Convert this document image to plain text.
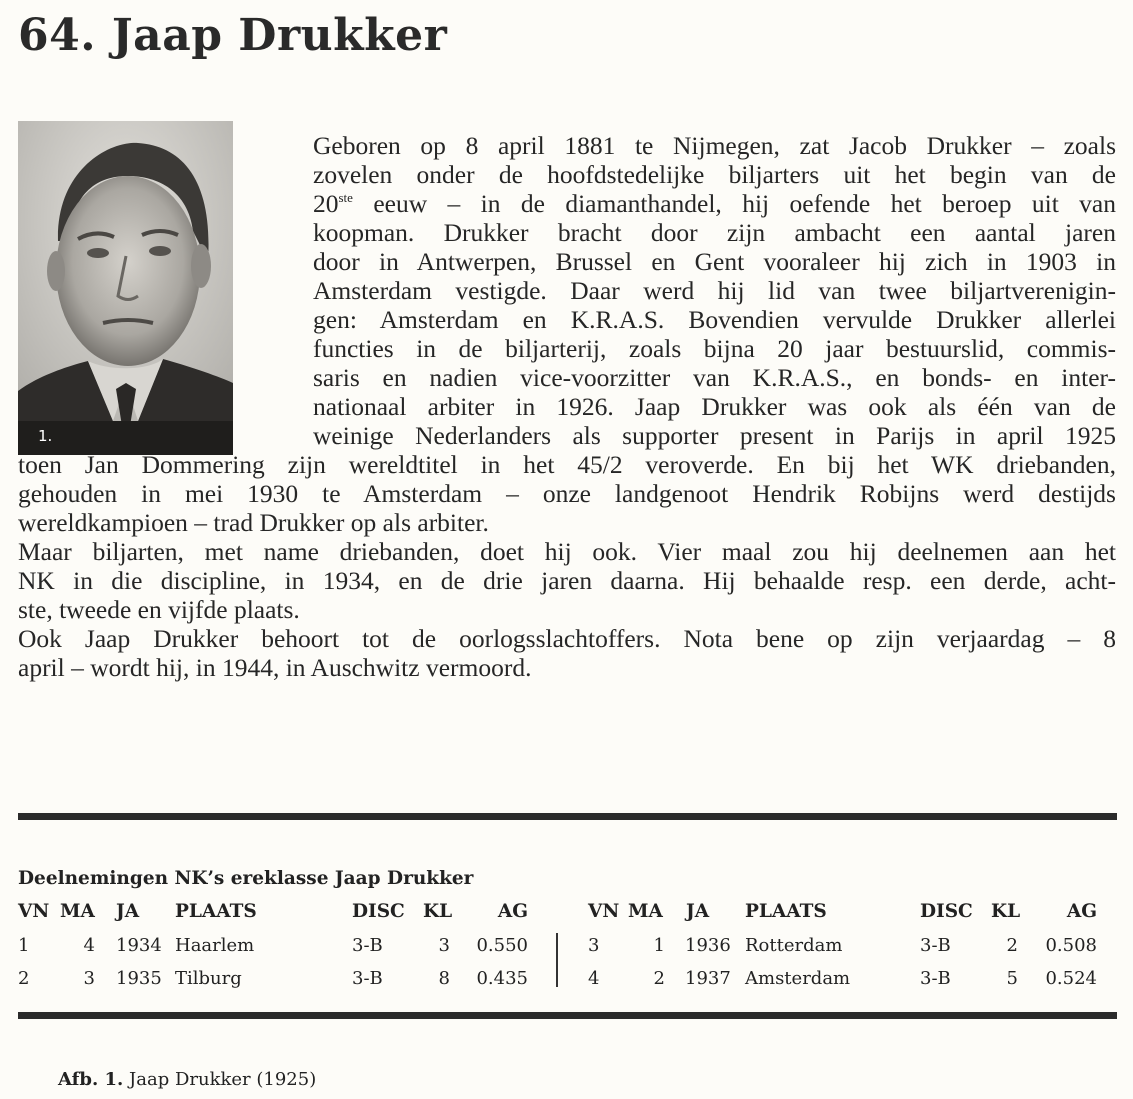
64. Jaap Drukker
1.
Geboren op 8 april 1881 te Nijmegen, zat Jacob Drukker – zoals
zovelen onder de hoofdstedelijke biljarters uit het begin van de
20ste eeuw – in de diamanthandel, hij oefende het beroep uit van
koopman. Drukker bracht door zijn ambacht een aantal jaren
door in Antwerpen, Brussel en Gent vooraleer hij zich in 1903 in
Amsterdam vestigde. Daar werd hij lid van twee biljartverenigin-
gen: Amsterdam en K.R.A.S. Bovendien vervulde Drukker allerlei
functies in de biljarterij, zoals bijna 20 jaar bestuurslid, commis-
saris en nadien vice-voorzitter van K.R.A.S., en bonds- en inter-
nationaal arbiter in 1926. Jaap Drukker was ook als één van de
weinige Nederlanders als supporter present in Parijs in april 1925
toen Jan Dommering zijn wereldtitel in het 45/2 veroverde. En bij het WK driebanden,
gehouden in mei 1930 te Amsterdam – onze landgenoot Hendrik Robijns werd destijds
wereldkampioen – trad Drukker op als arbiter.
Maar biljarten, met name driebanden, doet hij ook. Vier maal zou hij deelnemen aan het
NK in die discipline, in 1934, en de drie jaren daarna. Hij behaalde resp. een derde, acht-
ste, tweede en vijfde plaats.
Ook Jaap Drukker behoort tot de oorlogsslachtoffers. Nota bene op zijn verjaardag – 8
april – wordt hij, in 1944, in Auschwitz vermoord.
Deelnemingen NK’s ereklasse Jaap Drukker
VN MA JA PLAATS	DISC KL	AG
1	4 1934 Haarlem	3-B	3	0.550
2	3 1935 Tilburg	3-B	8	0.435
VN MA JA PLAATS	DISC KL	AG
3	1 1936 Rotterdam	3-B	2	0.508
4	2 1937 Amsterdam	3-B	5	0.524
Afb. 1. Jaap Drukker (1925)
